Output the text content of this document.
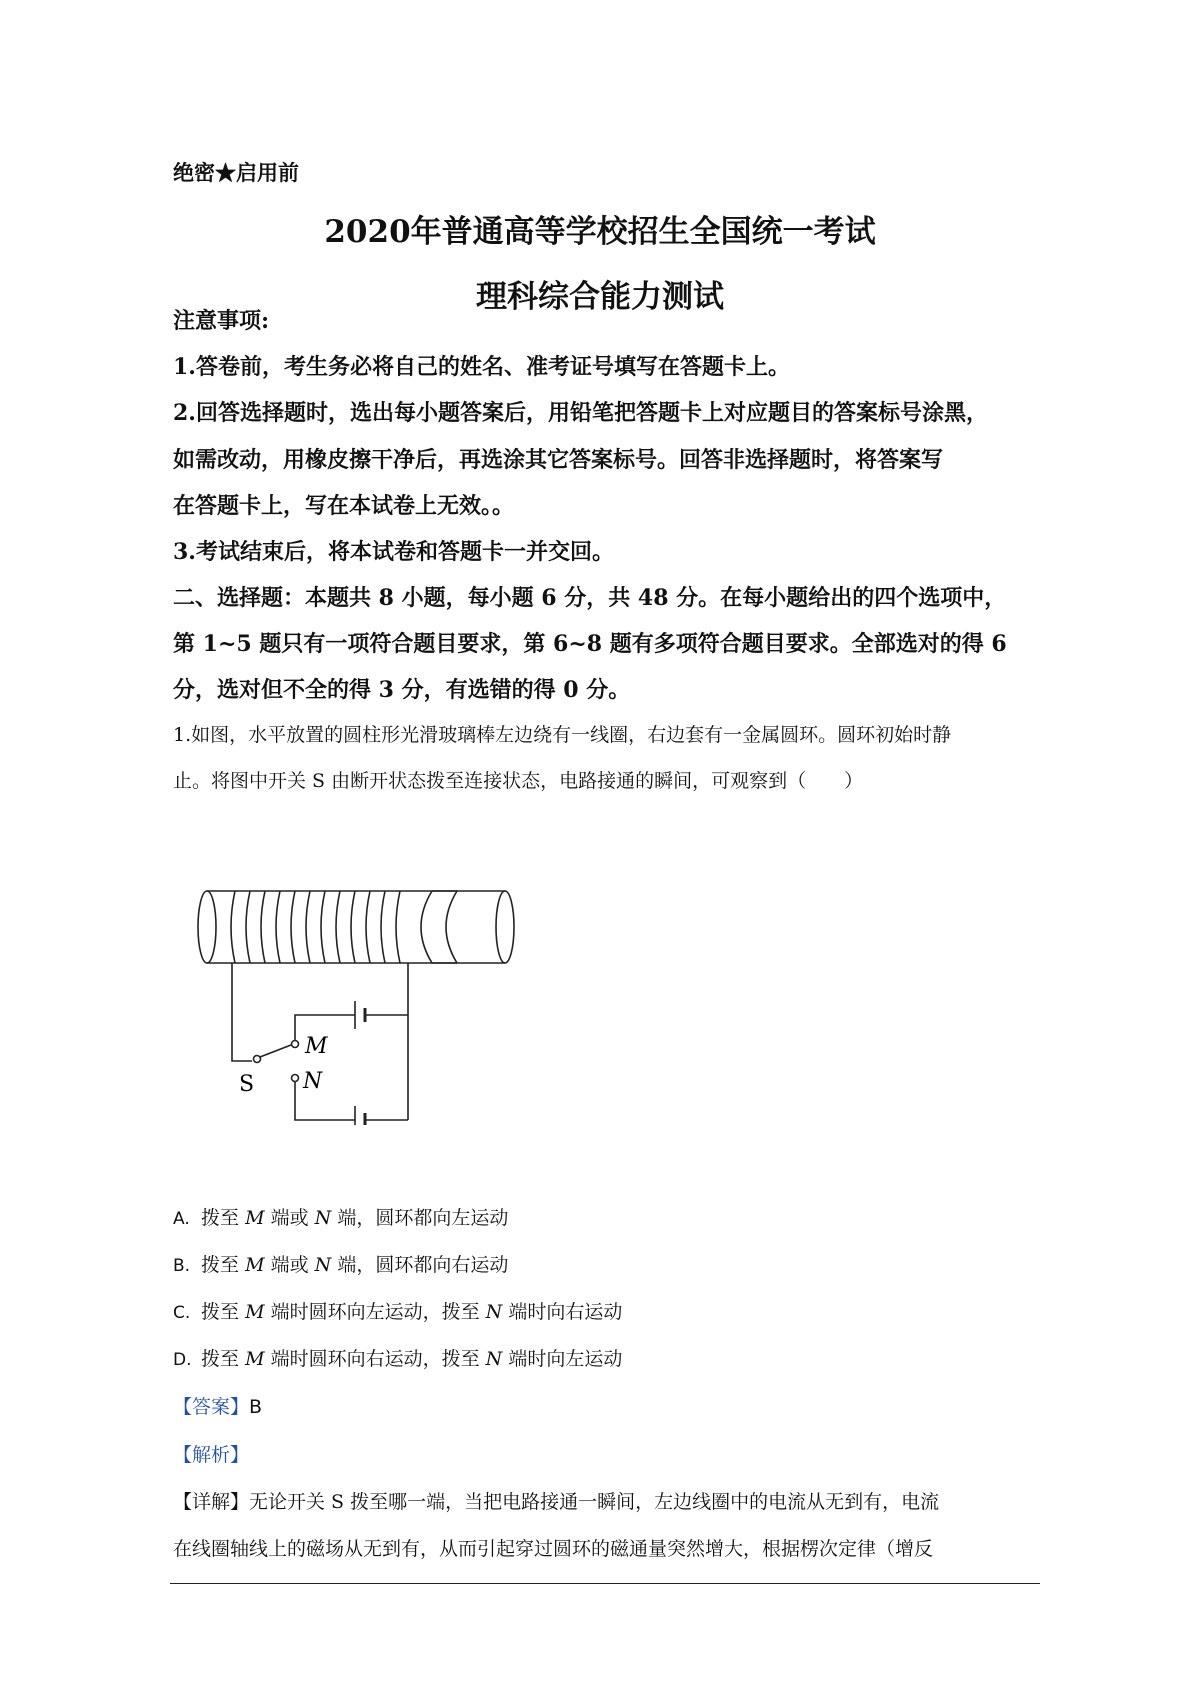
绝密★启用前
2020年普通高等学校招生全国统一考试
理科综合能力测试
注意事项:
1.答卷前，考生务必将自己的姓名、准考证号填写在答题卡上。
2.回答选择题时，选出每小题答案后，用铅笔把答题卡上对应题目的答案标号涂黑，
如需改动，用橡皮擦干净后，再选涂其它答案标号。回答非选择题时，将答案写
在答题卡上，写在本试卷上无效。。
3.考试结束后，将本试卷和答题卡一并交回。
二、选择题：本题共 8 小题，每小题 6 分，共 48 分。在每小题给出的四个选项中，
第 1~5 题只有一项符合题目要求，第 6~8 题有多项符合题目要求。全部选对的得 6
分，选对但不全的得 3 分，有选错的得 0 分。
1.如图，水平放置的圆柱形光滑玻璃棒左边绕有一线圈，右边套有一金属圆环。圆环初始时静
止。将图中开关 S 由断开状态拨至连接状态，电路接通的瞬间，可观察到（　　）
M
N
S
A. 拨至 M 端或 N 端，圆环都向左运动
B. 拨至 M 端或 N 端，圆环都向右运动
C. 拨至 M 端时圆环向左运动，拨至 N 端时向右运动
D. 拨至 M 端时圆环向右运动，拨至 N 端时向左运动
【答案】B
【解析】
【详解】无论开关 S 拨至哪一端，当把电路接通一瞬间，左边线圈中的电流从无到有，电流
在线圈轴线上的磁场从无到有，从而引起穿过圆环的磁通量突然增大，根据楞次定律（增反
